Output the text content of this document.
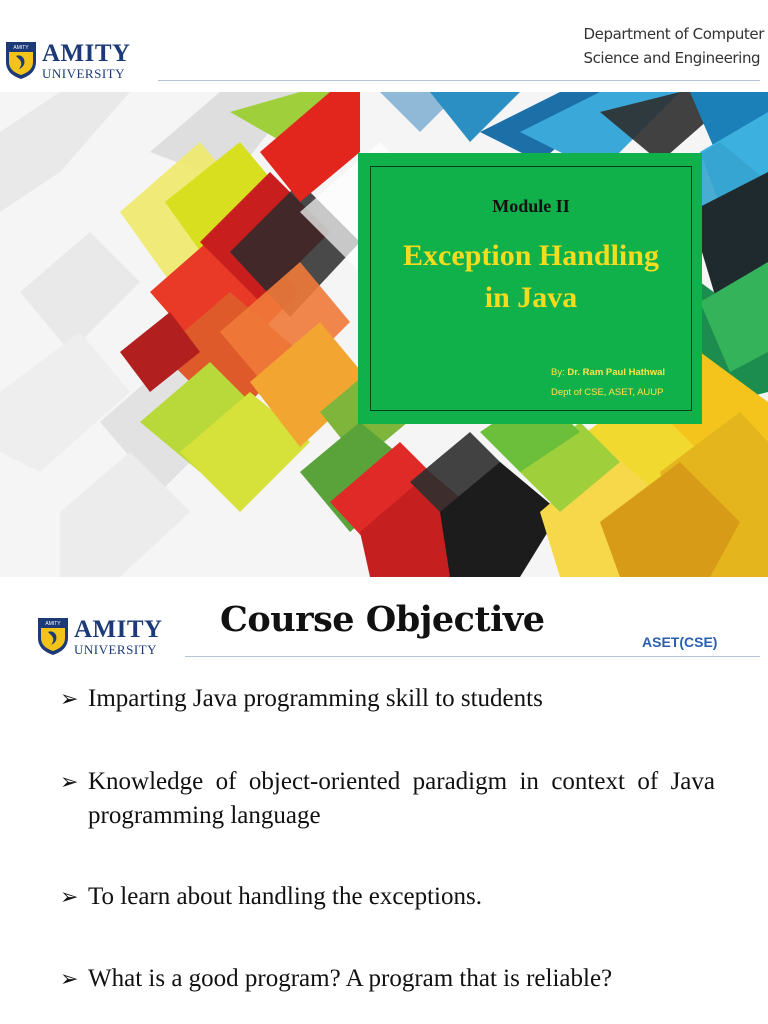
AMITY AMITY
UNIVERSITY
Department of Computer
Science and Engineering
Module II
Exception Handling
in Java
By: Dr. Ram Paul Hathwal
Dept of CSE, ASET, AUUP
AMITY AMITY
UNIVERSITY
Course Objective
ASET(CSE)
➢ Imparting Java programming skill to students
➢ Knowledge of object-oriented paradigm in context of Java programming language
➢ To learn about handling the exceptions.
➢ What is a good program? A program that is reliable?
